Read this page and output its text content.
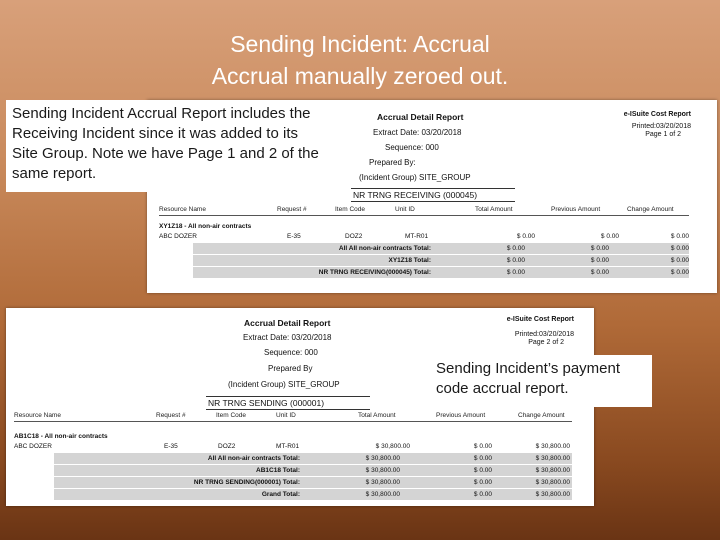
Sending Incident: Accrual
Accrual manually zeroed out.
Accrual Detail Report
Extract Date: 03/20/2018
Sequence: 000
Prepared By:
(Incident Group) SITE_GROUP
e-ISuite Cost Report
Printed:03/20/2018
Page 1 of 2
NR TRNG RECEIVING (000045)
Resource Name	Request #	Item Code	Unit ID	Total Amount	Previous Amount	Change Amount
XY1Z18 - All non-air contracts
ABC DOZER	E-35	DOZ2	MT-R01	$ 0.00	$ 0.00	$ 0.00
All All non-air contracts Total:	$ 0.00	$ 0.00	$ 0.00
XY1Z18 Total:	$ 0.00	$ 0.00	$ 0.00
NR TRNG RECEIVING(000045) Total:	$ 0.00	$ 0.00	$ 0.00
Sending Incident Accrual Report includes the Receiving Incident since it was added to its Site Group. Note we have Page 1 and 2 of the same report.
Accrual Detail Report
Extract Date: 03/20/2018
Sequence: 000
Prepared By
(Incident Group) SITE_GROUP
e-ISuite Cost Report
Printed:03/20/2018
Page 2 of 2
NR TRNG SENDING (000001)
Resource Name	Request #	Item Code	Unit ID	Total Amount	Previous Amount	Change Amount
AB1C18 - All non-air contracts
ABC DOZER	E-35	DOZ2	MT-R01	$ 30,800.00	$ 0.00	$ 30,800.00
All All non-air contracts Total:	$ 30,800.00	$ 0.00	$ 30,800.00
AB1C18 Total:	$ 30,800.00	$ 0.00	$ 30,800.00
NR TRNG SENDING(000001) Total:	$ 30,800.00	$ 0.00	$ 30,800.00
Grand Total:	$ 30,800.00	$ 0.00	$ 30,800.00
Sending Incident’s payment code accrual report.
